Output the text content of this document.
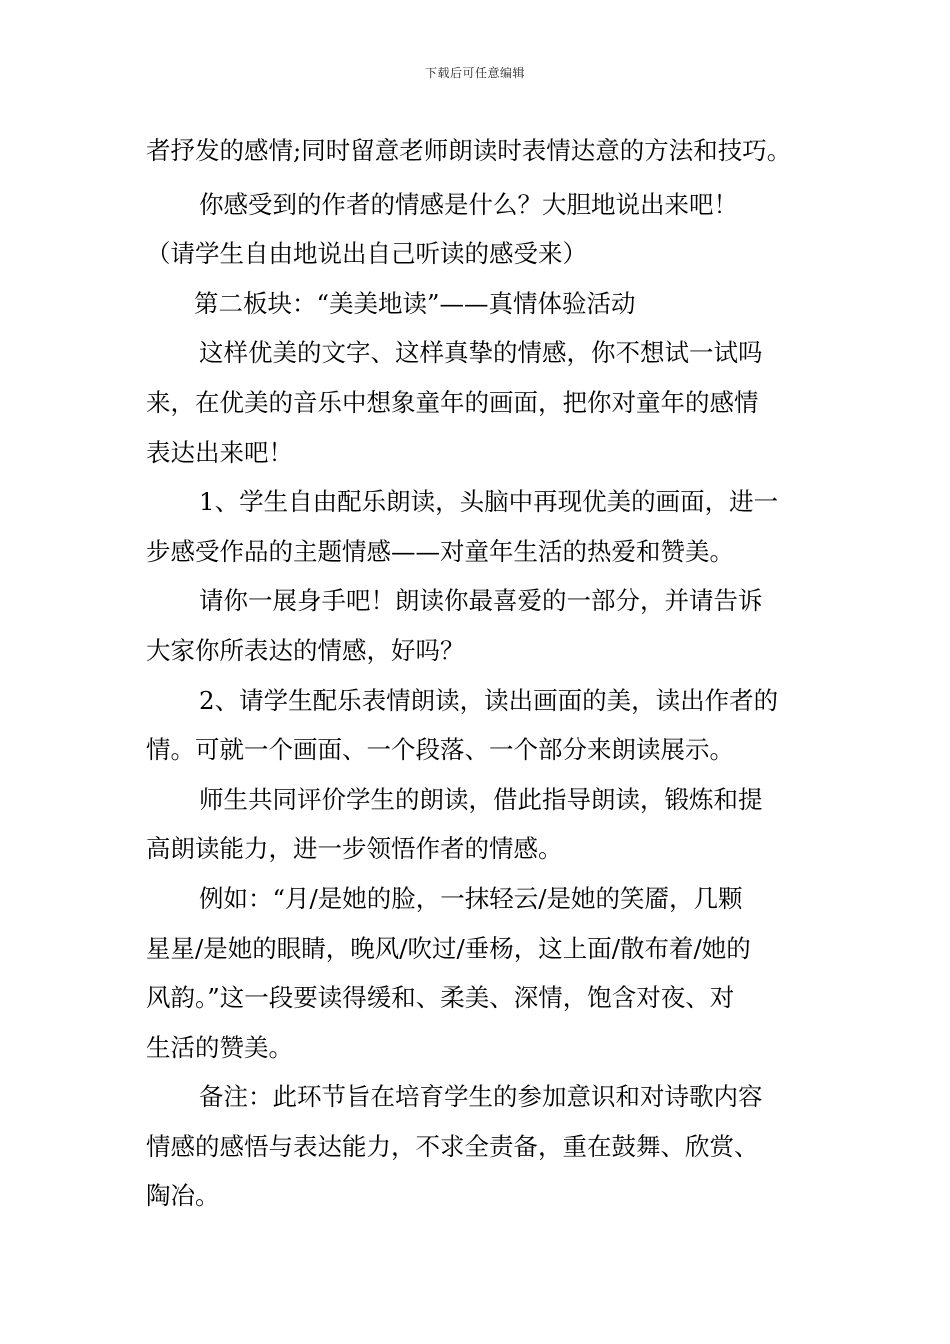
下载后可任意编辑
者抒发的感情;同时留意老师朗读时表情达意的方法和技巧。
你感受到的作者的情感是什么？大胆地说出来吧！
（请学生自由地说出自己听读的感受来）
第二板块：“美美地读”——真情体验活动
这样优美的文字、这样真挚的情感，你不想试一试吗
来，在优美的音乐中想象童年的画面，把你对童年的感情
表达出来吧！
1、学生自由配乐朗读，头脑中再现优美的画面，进一
步感受作品的主题情感——对童年生活的热爱和赞美。
请你一展身手吧！朗读你最喜爱的一部分，并请告诉
大家你所表达的情感，好吗？
2、请学生配乐表情朗读，读出画面的美，读出作者的
情。可就一个画面、一个段落、一个部分来朗读展示。
师生共同评价学生的朗读，借此指导朗读，锻炼和提
高朗读能力，进一步领悟作者的情感。
例如：“月/是她的脸，一抹轻云/是她的笑靥，几颗
星星/是她的眼睛，晚风/吹过/垂杨，这上面/散布着/她的
风韵。”这一段要读得缓和、柔美、深情，饱含对夜、对
生活的赞美。
备注：此环节旨在培育学生的参加意识和对诗歌内容
情感的感悟与表达能力，不求全责备，重在鼓舞、欣赏、
陶冶。
